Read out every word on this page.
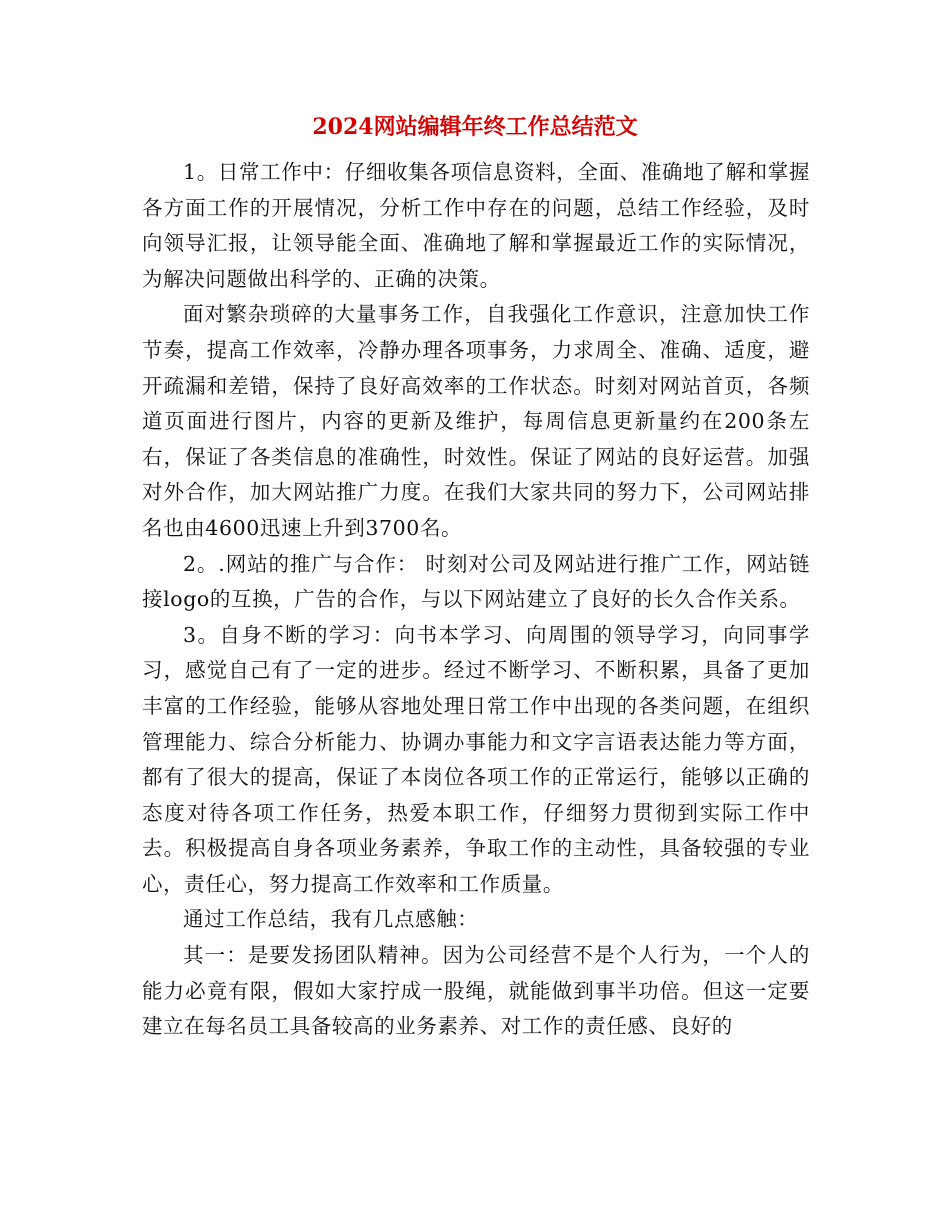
2024网站编辑年终工作总结范文

1。日常工作中：仔细收集各项信息资料，全面、准确地了解和掌握各方面工作的开展情况，分析工作中存在的问题，总结工作经验，及时向领导汇报，让领导能全面、准确地了解和掌握最近工作的实际情况，为解决问题做出科学的、正确的决策。

面对繁杂琐碎的大量事务工作，自我强化工作意识，注意加快工作节奏，提高工作效率，冷静办理各项事务，力求周全、准确、适度，避开疏漏和差错，保持了良好高效率的工作状态。时刻对网站首页，各频道页面进行图片，内容的更新及维护，每周信息更新量约在200条左右，保证了各类信息的准确性，时效性。保证了网站的良好运营。加强对外合作，加大网站推广力度。在我们大家共同的努力下，公司网站排名也由4600迅速上升到3700名。

2。.网站的推广与合作： 时刻对公司及网站进行推广工作，网站链接logo的互换，广告的合作，与以下网站建立了良好的长久合作关系。

3。自身不断的学习：向书本学习、向周围的领导学习，向同事学习，感觉自己有了一定的进步。经过不断学习、不断积累，具备了更加丰富的工作经验，能够从容地处理日常工作中出现的各类问题，在组织管理能力、综合分析能力、协调办事能力和文字言语表达能力等方面，都有了很大的提高，保证了本岗位各项工作的正常运行，能够以正确的态度对待各项工作任务，热爱本职工作，仔细努力贯彻到实际工作中去。积极提高自身各项业务素养，争取工作的主动性，具备较强的专业心，责任心，努力提高工作效率和工作质量。

通过工作总结，我有几点感触：

其一：是要发扬团队精神。因为公司经营不是个人行为，一个人的能力必竟有限，假如大家拧成一股绳，就能做到事半功倍。但这一定要建立在每名员工具备较高的业务素养、对工作的责任感、良好的
